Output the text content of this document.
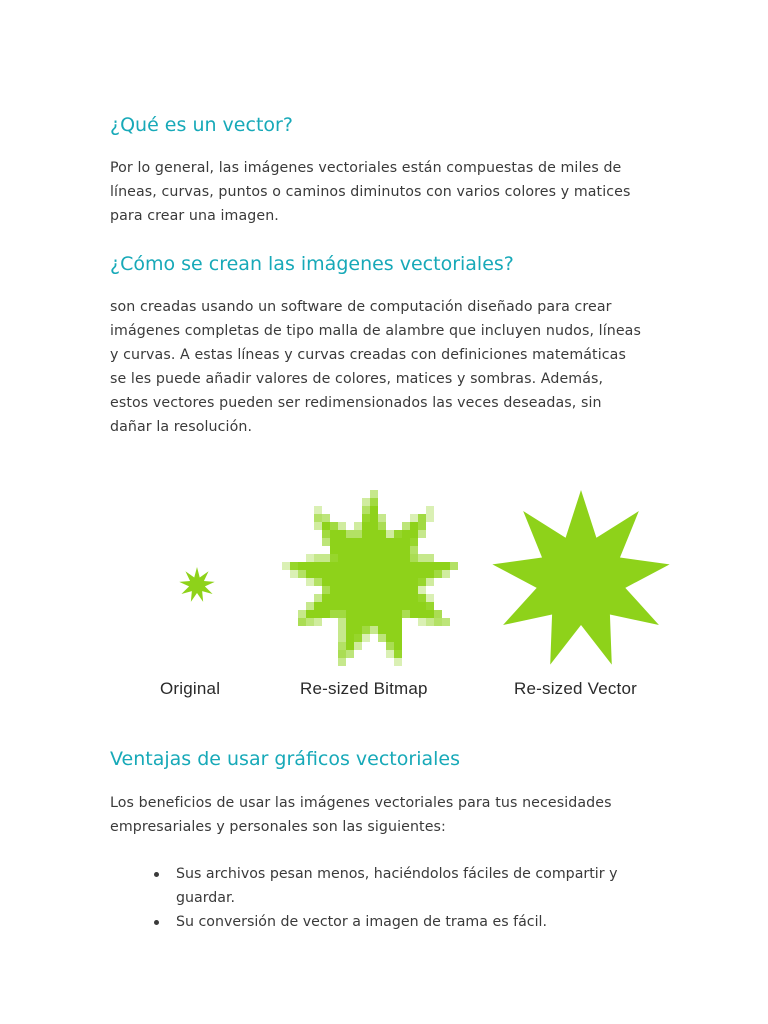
¿Qué es un vector?

Por lo general, las imágenes vectoriales están compuestas de miles de
líneas, curvas, puntos o caminos diminutos con varios colores y matices
para crear una imagen.

¿Cómo se crean las imágenes vectoriales?

son creadas usando un software de computación diseñado para crear
imágenes completas de tipo malla de alambre que incluyen nudos, líneas
y curvas. A estas líneas y curvas creadas con definiciones matemáticas
se les puede añadir valores de colores, matices y sombras. Además,
estos vectores pueden ser redimensionados las veces deseadas, sin
dañar la resolución.

Original	Re-sized Bitmap	Re-sized Vector
Ventajas de usar gráficos vectoriales

Los beneficios de usar las imágenes vectoriales para tus necesidades
empresariales y personales son las siguientes:

Sus archivos pesan menos, haciéndolos fáciles de compartir y
guardar.
Su conversión de vector a imagen de trama es fácil.
